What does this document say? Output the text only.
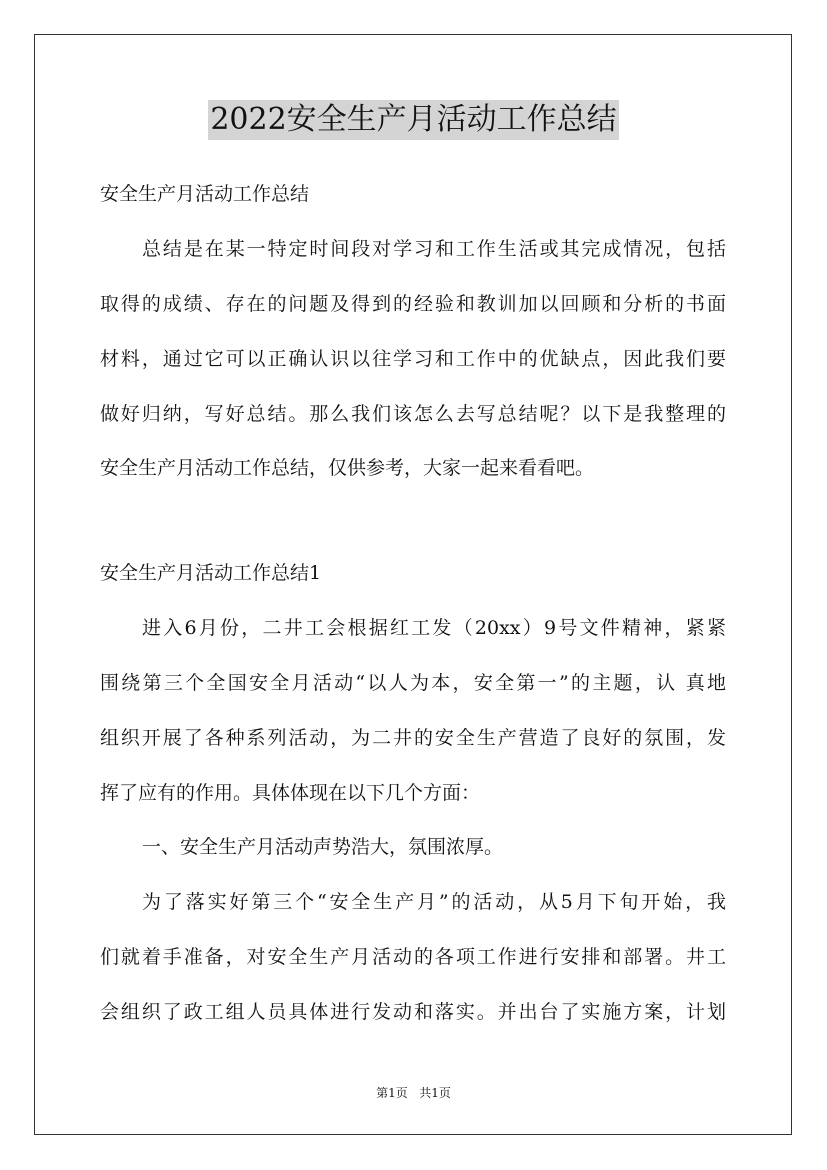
2022安全生产月活动工作总结
安全生产月活动工作总结
总结是在某一特定时间段对学习和工作生活或其完成情况，包括
取得的成绩、存在的问题及得到的经验和教训加以回顾和分析的书面
材料，通过它可以正确认识以往学习和工作中的优缺点，因此我们要
做好归纳，写好总结。那么我们该怎么去写总结呢？以下是我整理的
安全生产月活动工作总结，仅供参考，大家一起来看看吧。
安全生产月活动工作总结1
进入6月份，二井工会根据红工发（20xx）9号文件精神，紧紧
围绕第三个全国安全月活动“以人为本，安全第一”的主题，认 真地
组织开展了各种系列活动，为二井的安全生产营造了良好的氛围，发
挥了应有的作用。具体体现在以下几个方面：
一、安全生产月活动声势浩大，氛围浓厚。
为了落实好第三个“安全生产月”的活动，从5月下旬开始，我
们就着手准备，对安全生产月活动的各项工作进行安排和部署。井工
会组织了政工组人员具体进行发动和落实。并出台了实施方案，计划
第1页 共1页
